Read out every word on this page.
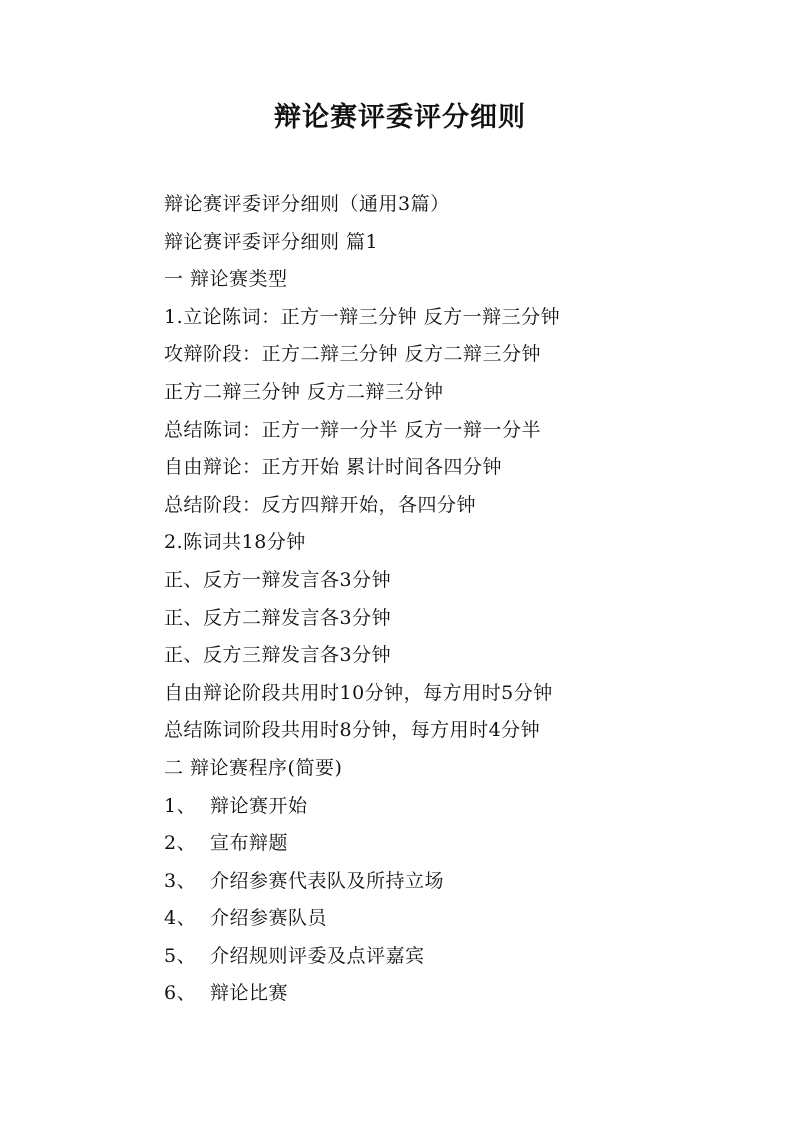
辩论赛评委评分细则
辩论赛评委评分细则（通用3篇）
辩论赛评委评分细则 篇1
一 辩论赛类型
1.立论陈词：正方一辩三分钟 反方一辩三分钟
攻辩阶段：正方二辩三分钟 反方二辩三分钟
正方二辩三分钟 反方二辩三分钟
总结陈词：正方一辩一分半 反方一辩一分半
自由辩论：正方开始 累计时间各四分钟
总结阶段：反方四辩开始，各四分钟
2.陈词共18分钟
正、反方一辩发言各3分钟
正、反方二辩发言各3分钟
正、反方三辩发言各3分钟
自由辩论阶段共用时10分钟，每方用时5分钟
总结陈词阶段共用时8分钟，每方用时4分钟
二 辩论赛程序(简要)
1、 辩论赛开始
2、 宣布辩题
3、 介绍参赛代表队及所持立场
4、 介绍参赛队员
5、 介绍规则评委及点评嘉宾
6、 辩论比赛
